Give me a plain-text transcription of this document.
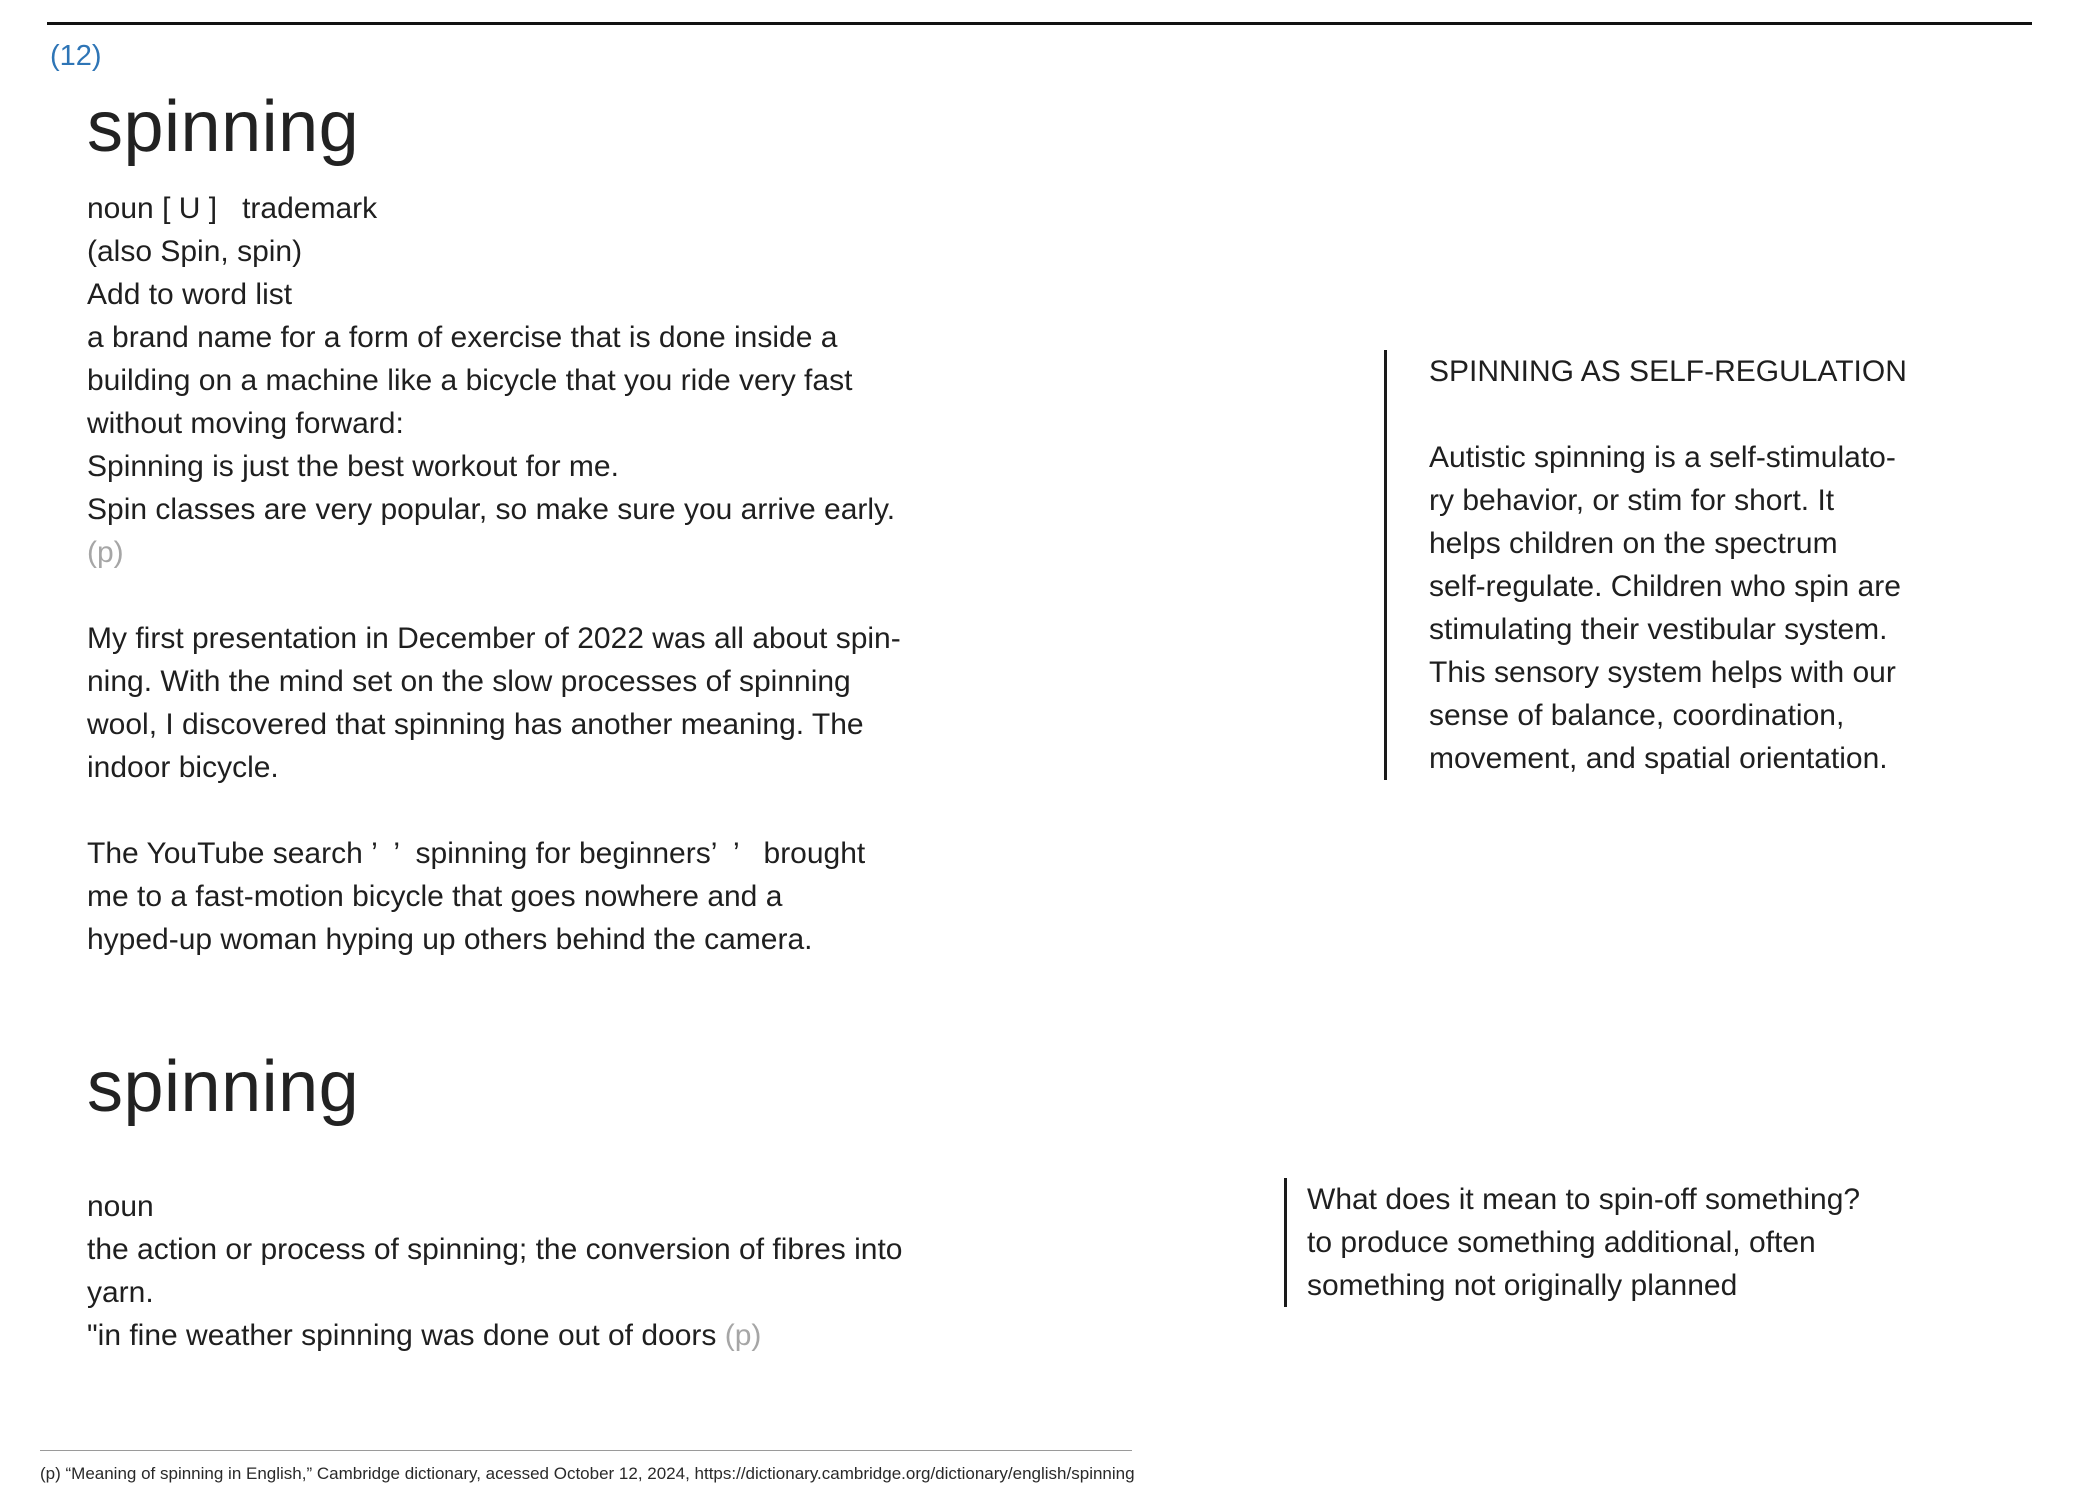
(12)
spinning
noun [ U ]   trademark
(also Spin, spin)
Add to word list
a brand name for a form of exercise that is done inside a
building on a machine like a bicycle that you ride very fast
without moving forward:
Spinning is just the best workout for me.
Spin classes are very popular, so make sure you arrive early.
(p)
My first presentation in December of 2022 was all about spin-
ning. With the mind set on the slow processes of spinning
wool, I discovered that spinning has another meaning. The
indoor bicycle.
The YouTube search ’  ’  spinning for beginners’  ’   brought
me to a fast-motion bicycle that goes nowhere and a
hyped-up woman hyping up others behind the camera.
SPINNING AS SELF-REGULATION
Autistic spinning is a self-stimulato-
ry behavior, or stim for short. It
helps children on the spectrum
self-regulate. Children who spin are
stimulating their vestibular system.
This sensory system helps with our
sense of balance, coordination,
movement, and spatial orientation.
spinning
noun
the action or process of spinning; the conversion of fibres into
yarn.
"in fine weather spinning was done out of doors (p)
What does it mean to spin-off something?
to produce something additional, often
something not originally planned
(p) “Meaning of spinning in English,” Cambridge dictionary, acessed October 12, 2024, https://dictionary.cambridge.org/dictionary/english/spinning
